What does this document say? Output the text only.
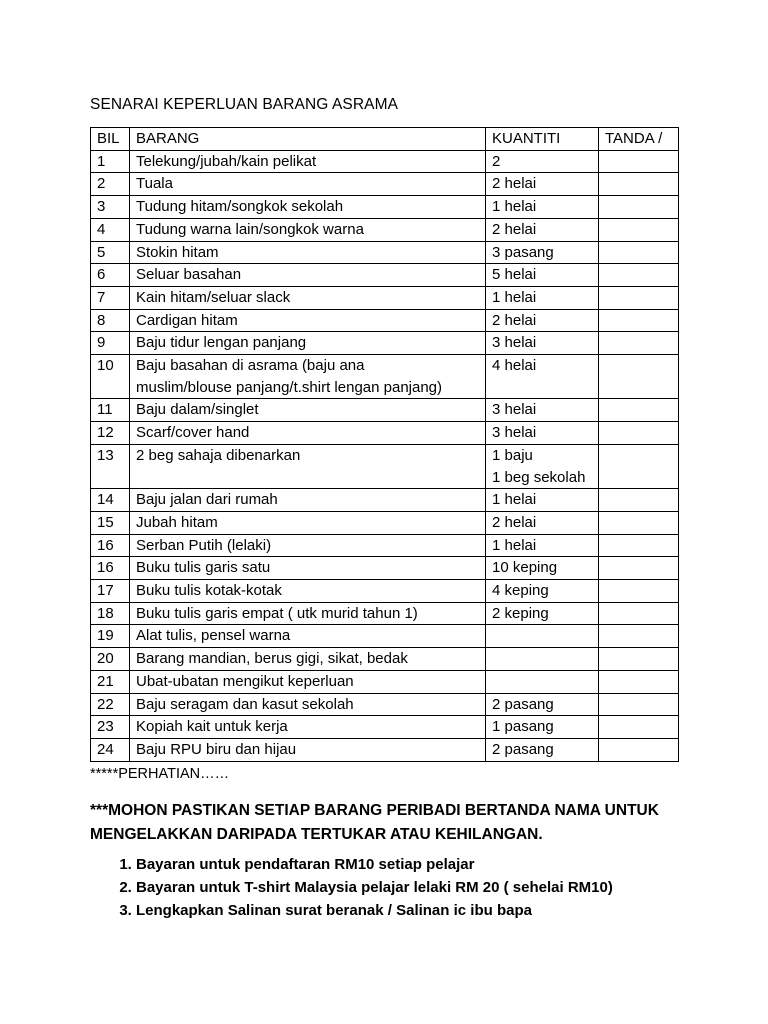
SENARAI KEPERLUAN BARANG ASRAMA
BIL	BARANG	KUANTITI	TANDA /
1	Telekung/jubah/kain pelikat	2	

2	Tuala	2 helai	

3	Tudung hitam/songkok sekolah	1 helai	

4	Tudung warna lain/songkok warna	2 helai	

5	Stokin hitam	3 pasang	

6	Seluar basahan	5 helai	

7	Kain hitam/seluar slack	1 helai	

8	Cardigan hitam	2 helai	

9	Baju tidur lengan panjang	3 helai	

10	Baju basahan di asrama (baju ana
muslim/blouse panjang/t.shirt lengan panjang)	4 helai	

11	Baju dalam/singlet	3 helai	

12	Scarf/cover hand	3 helai	

13	2 beg sahaja dibenarkan	1 baju
1 beg sekolah	

14	Baju jalan dari rumah	1 helai	

15	Jubah hitam	2 helai	

16	Serban Putih (lelaki)	1 helai	

16	Buku tulis garis satu	10 keping	

17	Buku tulis kotak-kotak	4 keping	

18	Buku tulis garis empat ( utk murid tahun 1)	2 keping	

19	Alat tulis, pensel warna		

20	Barang mandian, berus gigi, sikat, bedak		

21	Ubat-ubatan mengikut keperluan		

22	Baju seragam dan kasut sekolah	2 pasang	

23	Kopiah kait untuk kerja	1 pasang	

24	Baju RPU biru dan hijau	2 pasang	

*****PERHATIAN……
***MOHON PASTIKAN SETIAP BARANG PERIBADI BERTANDA NAMA UNTUK MENGELAKKAN DARIPADA TERTUKAR ATAU KEHILANGAN.
1. Bayaran untuk pendaftaran RM10 setiap pelajar
2. Bayaran untuk T-shirt Malaysia pelajar lelaki RM 20 ( sehelai RM10)
3. Lengkapkan Salinan surat beranak / Salinan ic ibu bapa
